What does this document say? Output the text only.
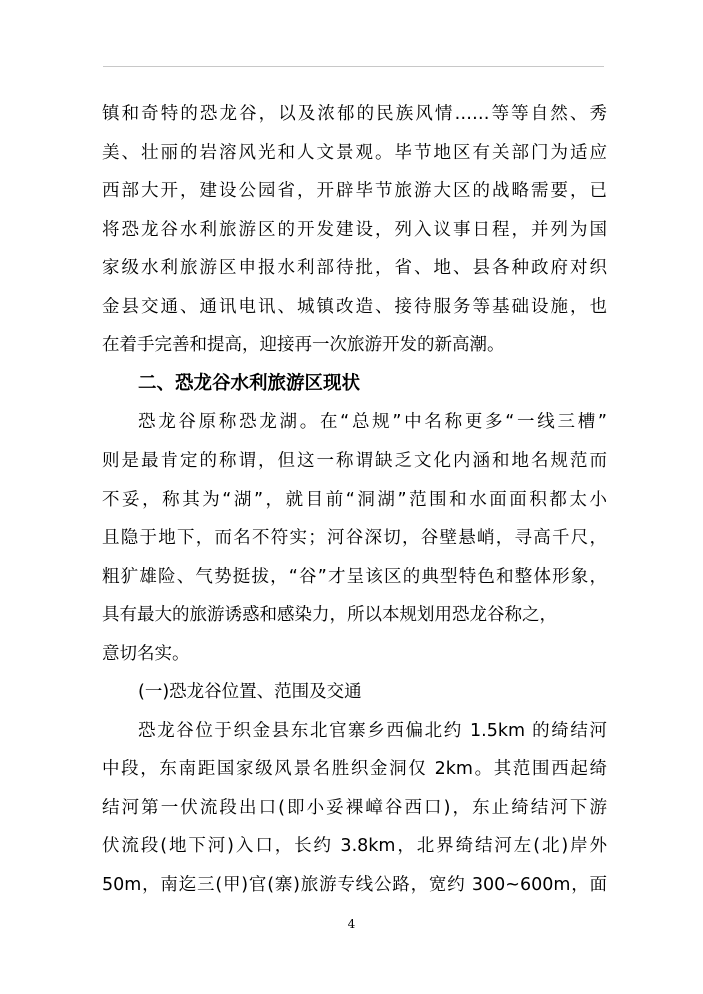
镇和奇特的恐龙谷，以及浓郁的民族风情……等等自然、秀
美、壮丽的岩溶风光和人文景观。毕节地区有关部门为适应
西部大开，建设公园省，开辟毕节旅游大区的战略需要，已
将恐龙谷水利旅游区的开发建设，列入议事日程，并列为国
家级水利旅游区申报水利部待批，省、地、县各种政府对织
金县交通、通讯电讯、城镇改造、接待服务等基础设施，也
在着手完善和提高，迎接再一次旅游开发的新高潮。
二、恐龙谷水利旅游区现状
恐龙谷原称恐龙湖。在“总规”中名称更多“一线三槽”
则是最肯定的称谓，但这一称谓缺乏文化内涵和地名规范而
不妥，称其为“湖”，就目前“洞湖”范围和水面面积都太小
且隐于地下，而名不符实；河谷深切，谷壁悬峭，寻高千尺，
粗犷雄险、气势挺拔，“谷”才呈该区的典型特色和整体形象，
具有最大的旅游诱惑和感染力，所以本规划用恐龙谷称之，
意切名实。
(一)恐龙谷位置、范围及交通
恐龙谷位于织金县东北官寨乡西偏北约 1.5km 的绮结河
中段，东南距国家级风景名胜织金洞仅 2km。其范围西起绮
结河第一伏流段出口(即小妥裸嶂谷西口)，东止绮结河下游
伏流段(地下河)入口，长约 3.8km，北界绮结河左(北)岸外
50m，南迄三(甲)官(寨)旅游专线公路，宽约 300~600m，面
4
